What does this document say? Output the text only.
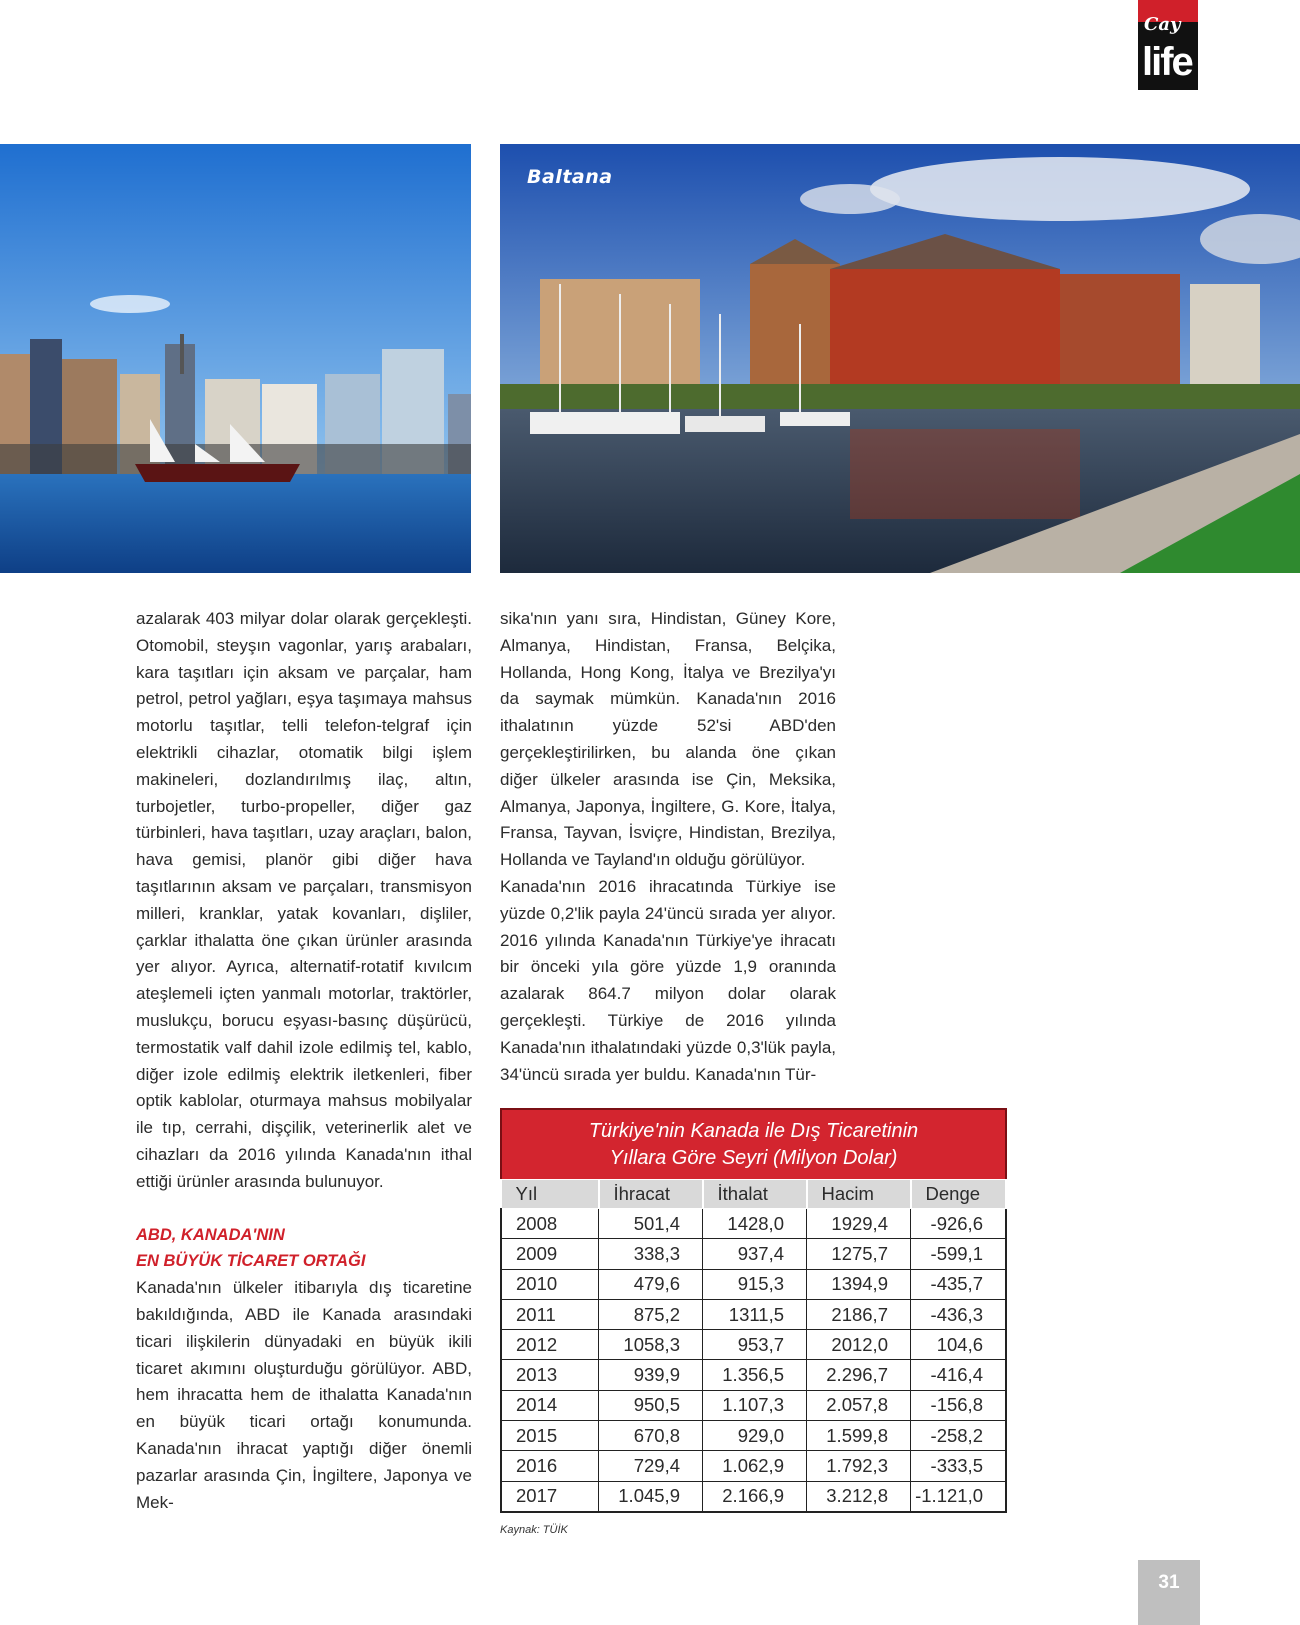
Cay
life
Baltana

azalarak 403 milyar dolar olarak gerçekleşti. Otomobil, steyşın vagonlar, yarış arabaları, kara taşıtları için aksam ve parçalar, ham petrol, petrol yağları, eşya taşımaya mahsus motorlu taşıtlar, telli telefon-telgraf için elektrikli cihazlar, otomatik bilgi işlem makineleri, dozlandırılmış ilaç, altın, turbojetler, turbo-propeller, diğer gaz türbinleri, hava taşıtları, uzay araçları, balon, hava gemisi, planör gibi diğer hava taşıtlarının aksam ve parçaları, transmisyon milleri, kranklar, yatak kovanları, dişliler, çarklar ithalatta öne çıkan ürünler arasında yer alıyor. Ayrıca, alternatif-rotatif kıvılcım ateşlemeli içten yanmalı motorlar, traktörler, muslukçu, borucu eşyası-basınç düşürücü, termostatik valf dahil izole edilmiş tel, kablo, diğer izole edilmiş elektrik iletkenleri, fiber optik kablolar, oturmaya mahsus mobilyalar ile tıp, cerrahi, dişçilik, veterinerlik alet ve cihazları da 2016 yılında Kanada'nın ithal ettiği ürünler arasında bulunuyor.

ABD, KANADA'NIN
EN BÜYÜK TİCARET ORTAĞI

Kanada'nın ülkeler itibarıyla dış ticaretine bakıldığında, ABD ile Kanada arasındaki ticari ilişkilerin dünyadaki en büyük ikili ticaret akımını oluşturduğu görülüyor. ABD, hem ihracatta hem de ithalatta Kanada'nın en büyük ticari ortağı konumunda. Kanada'nın ihracat yaptığı diğer önemli pazarlar arasında Çin, İngiltere, Japonya ve Mek-

sika'nın yanı sıra, Hindistan, Güney Kore, Almanya, Hindistan, Fransa, Belçika, Hollanda, Hong Kong, İtalya ve Brezilya'yı da saymak mümkün. Kanada'nın 2016 ithalatının yüzde 52'si ABD'den gerçekleştirilirken, bu alanda öne çıkan diğer ülkeler arasında ise Çin, Meksika, Almanya, Japonya, İngiltere, G. Kore, İtalya, Fransa, Tayvan, İsviçre, Hindistan, Brezilya, Hollanda ve Tayland'ın olduğu görülüyor.

Kanada'nın 2016 ihracatında Türkiye ise yüzde 0,2'lik payla 24'üncü sırada yer alıyor. 2016 yılında Kanada'nın Türkiye'ye ihracatı bir önceki yıla göre yüzde 1,9 oranında azalarak 864.7 milyon dolar olarak gerçekleşti. Türkiye de 2016 yılında Kanada'nın ithalatındaki yüzde 0,3'lük payla, 34'üncü sırada yer buldu. Kanada'nın Tür-

Türkiye'nin Kanada ile Dış Ticaretinin
Yıllara Göre Seyri (Milyon Dolar)
Yıl	İhracat	İthalat	Hacim	Denge
2008	501,4	1428,0	1929,4	-926,6
2009	338,3	937,4	1275,7	-599,1
2010	479,6	915,3	1394,9	-435,7
2011	875,2	1311,5	2186,7	-436,3
2012	1058,3	953,7	2012,0	104,6
2013	939,9	1.356,5	2.296,7	-416,4
2014	950,5	1.107,3	2.057,8	-156,8
2015	670,8	929,0	1.599,8	-258,2
2016	729,4	1.062,9	1.792,3	-333,5
2017	1.045,9	2.166,9	3.212,8	-1.121,0
Kaynak: TÜİK
31
